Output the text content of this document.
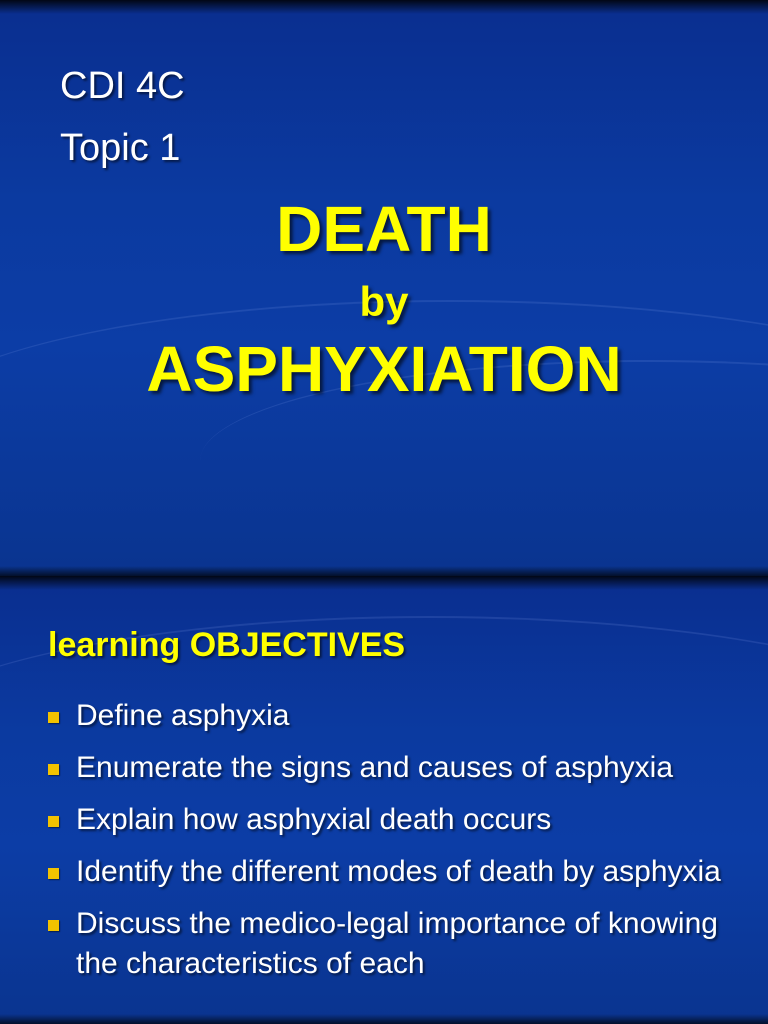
CDI 4C
Topic 1
DEATH
by
ASPHYXIATION
learning OBJECTIVES
Define asphyxia
Enumerate the signs and causes of asphyxia
Explain how asphyxial death occurs
Identify the different modes of death by asphyxia
Discuss the medico-legal importance of knowing the characteristics of each
